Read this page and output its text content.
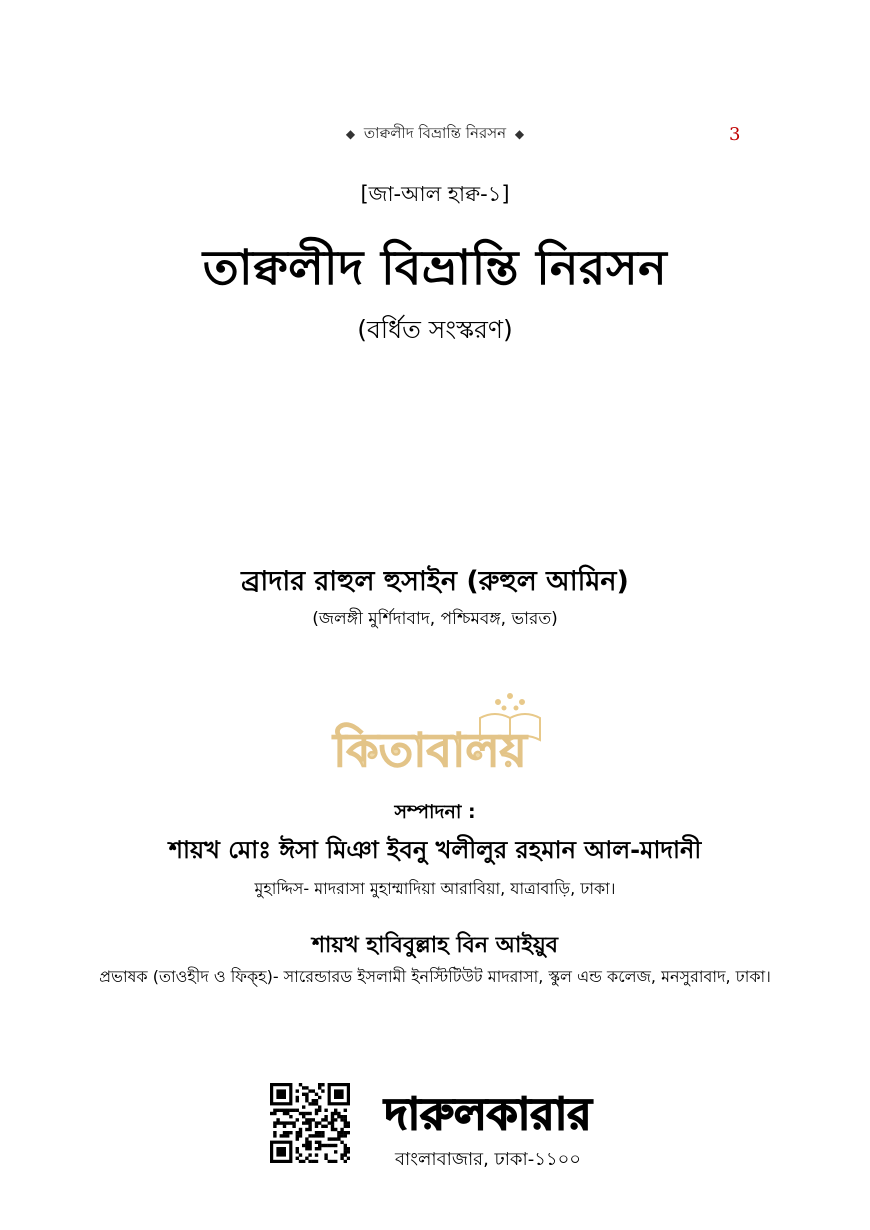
◆ তাক্বলীদ বিভ্রান্তি নিরসন ◆	3
[জা-আল হাক্ব-১]
তাক্বলীদ বিভ্রান্তি নিরসন
(বর্ধিত সংস্করণ)
ব্রাদার রাহুল হুসাইন (রুহুল আমিন)
(জলঙ্গী মুর্শিদাবাদ, পশ্চিমবঙ্গ, ভারত)
কিতাবালয়
সম্পাদনা :
শায়খ মোঃ ঈসা মিঞা ইবনু খলীলুর রহমান আল-মাদানী
মুহাদ্দিস- মাদরাসা মুহাম্মাদিয়া আরাবিয়া, যাত্রাবাড়ি, ঢাকা।
শায়খ হাবিবুল্লাহ বিন আইয়ুব
প্রভাষক (তাওহীদ ও ফিক্হ)- সারেন্ডারড ইসলামী ইনস্টিটিউট মাদরাসা, স্কুল এন্ড কলেজ, মনসুরাবাদ, ঢাকা।
দারুলকারার
বাংলাবাজার, ঢাকা-১১০০
